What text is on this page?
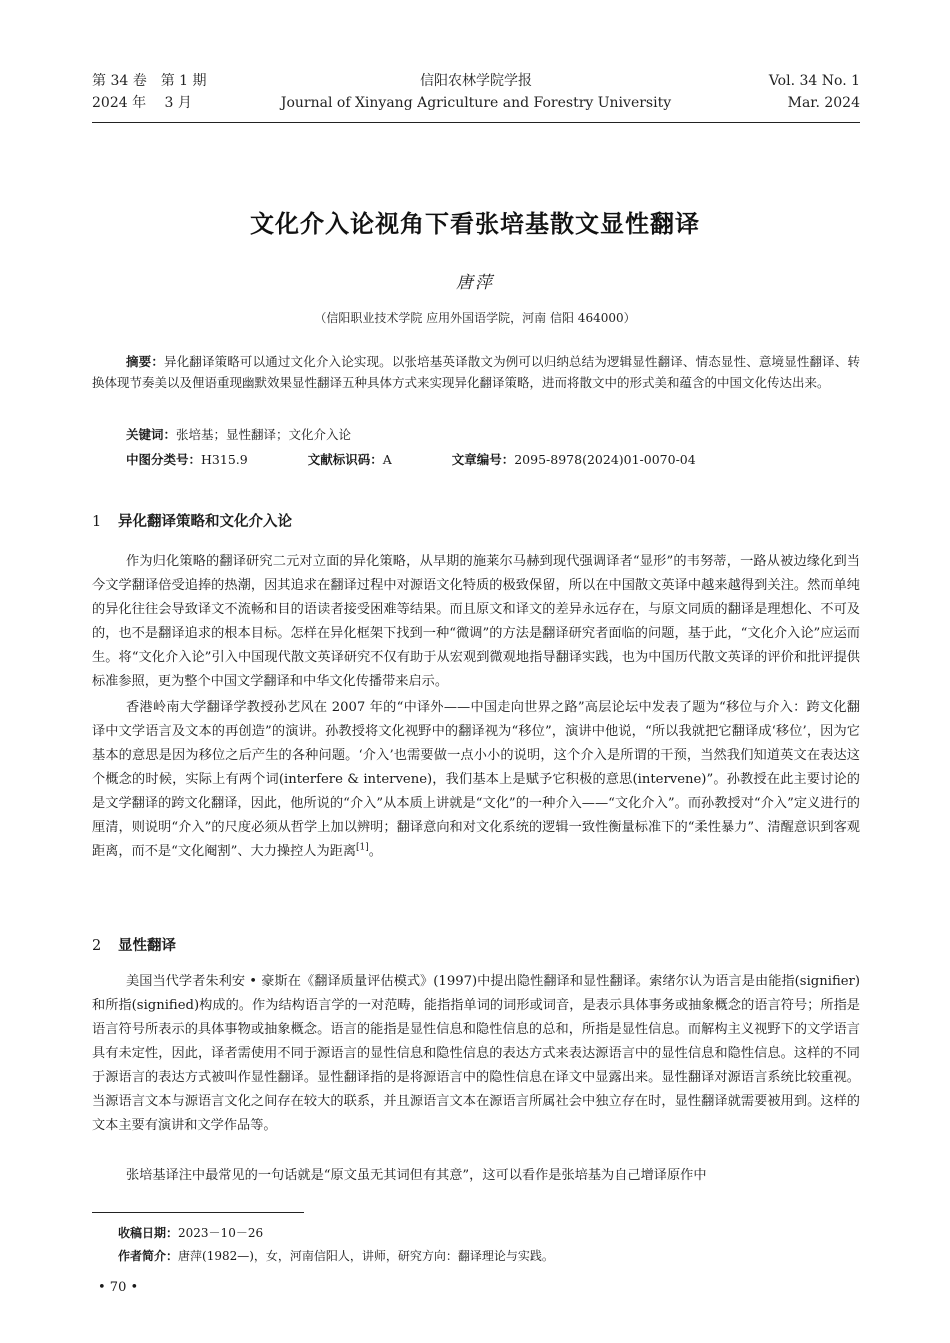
第 34 卷　第 1 期
2024 年　 3 月
信阳农林学院学报
Journal of Xinyang Agriculture and Forestry University
Vol. 34 No. 1
Mar. 2024
文化介入论视角下看张培基散文显性翻译
唐萍
（信阳职业技术学院 应用外国语学院，河南 信阳 464000）
摘要：异化翻译策略可以通过文化介入论实现。以张培基英译散文为例可以归纳总结为逻辑显性翻译、情态显性、意境显性翻译、转换体现节奏美以及俚语重现幽默效果显性翻译五种具体方式来实现异化翻译策略，进而将散文中的形式美和蕴含的中国文化传达出来。
关键词：张培基；显性翻译；文化介入论
中图分类号：H315.9	文献标识码：A	文章编号：2095-8978(2024)01-0070-04
1 异化翻译策略和文化介入论
作为归化策略的翻译研究二元对立面的异化策略，从早期的施莱尔马赫到现代强调译者“显形”的韦努蒂，一路从被边缘化到当今文学翻译倍受追捧的热潮，因其追求在翻译过程中对源语文化特质的极致保留，所以在中国散文英译中越来越得到关注。然而单纯的异化往往会导致译文不流畅和目的语读者接受困难等结果。而且原文和译文的差异永远存在，与原文同质的翻译是理想化、不可及的，也不是翻译追求的根本目标。怎样在异化框架下找到一种“微调”的方法是翻译研究者面临的问题，基于此，“文化介入论”应运而生。将“文化介入论”引入中国现代散文英译研究不仅有助于从宏观到微观地指导翻译实践，也为中国历代散文英译的评价和批评提供标准参照，更为整个中国文学翻译和中华文化传播带来启示。
香港岭南大学翻译学教授孙艺风在 2007 年的“中译外——中国走向世界之路”高层论坛中发表了题为“移位与介入：跨文化翻译中文学语言及文本的再创造”的演讲。孙教授将文化视野中的翻译视为“移位”，演讲中他说，“所以我就把它翻译成‘移位’，因为它基本的意思是因为移位之后产生的各种问题。‘介入’也需要做一点小小的说明，这个介入是所谓的干预，当然我们知道英文在表达这个概念的时候，实际上有两个词(interfere & intervene)，我们基本上是赋予它积极的意思(intervene)”。孙教授在此主要讨论的是文学翻译的跨文化翻译，因此，他所说的“介入”从本质上讲就是“文化”的一种介入——“文化介入”。而孙教授对“介入”定义进行的厘清，则说明“介入”的尺度必须从哲学上加以辨明；翻译意向和对文化系统的逻辑一致性衡量标准下的“柔性暴力”、清醒意识到客观距离，而不是“文化阉割”、大力操控人为距离[1]。
2 显性翻译
美国当代学者朱利安 • 豪斯在《翻译质量评估模式》(1997)中提出隐性翻译和显性翻译。索绪尔认为语言是由能指(signifier)和所指(signified)构成的。作为结构语言学的一对范畴，能指指单词的词形或词音，是表示具体事务或抽象概念的语言符号；所指是语言符号所表示的具体事物或抽象概念。语言的能指是显性信息和隐性信息的总和，所指是显性信息。而解构主义视野下的文学语言具有未定性，因此，译者需使用不同于源语言的显性信息和隐性信息的表达方式来表达源语言中的显性信息和隐性信息。这样的不同于源语言的表达方式被叫作显性翻译。显性翻译指的是将源语言中的隐性信息在译文中显露出来。显性翻译对源语言系统比较重视。当源语言文本与源语言文化之间存在较大的联系，并且源语言文本在源语言所属社会中独立存在时，显性翻译就需要被用到。这样的文本主要有演讲和文学作品等。
张培基译注中最常见的一句话就是“原文虽无其词但有其意”，这可以看作是张培基为自己增译原作中
收稿日期：2023－10－26
作者简介：唐萍(1982—)，女，河南信阳人，讲师，研究方向：翻译理论与实践。
• 70 •
